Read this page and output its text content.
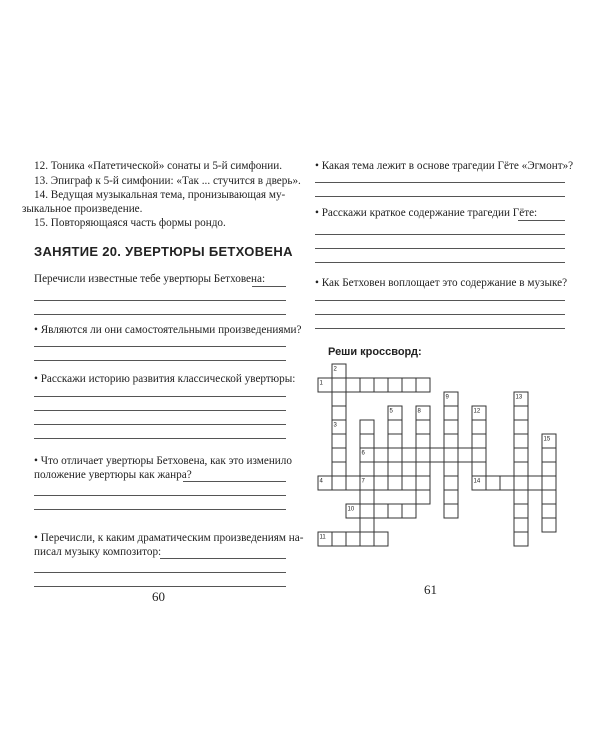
12. Тоника «Патетической» сонаты и 5-й симфонии.
13. Эпиграф к 5-й симфонии: «Так ... стучится в дверь».
14. Ведущая музыкальная тема, пронизывающая му-
зыкальное произведение.
15. Повторяющаяся часть формы рондо.
ЗАНЯТИЕ 20. УВЕРТЮРЫ БЕТХОВЕНА
Перечисли известные тебе увертюры Бетховена:
• Являются ли они самостоятельными произведениями?
• Расскажи историю развития классической увертюры:
• Что отличает увертюры Бетховена, как это изменило
положение увертюры как жанра?
• Перечисли, к каким драматическим произведениям на-
писал музыку композитор:
60
• Какая тема лежит в основе трагедии Гёте «Эгмонт»?
• Расскажи краткое содержание трагедии Гёте:
• Как Бетховен воплощает это содержание в музыке?
Реши кроссворд:
1
2
3
4
5
6
7
8
9
10
11
12
13
14
15
61
